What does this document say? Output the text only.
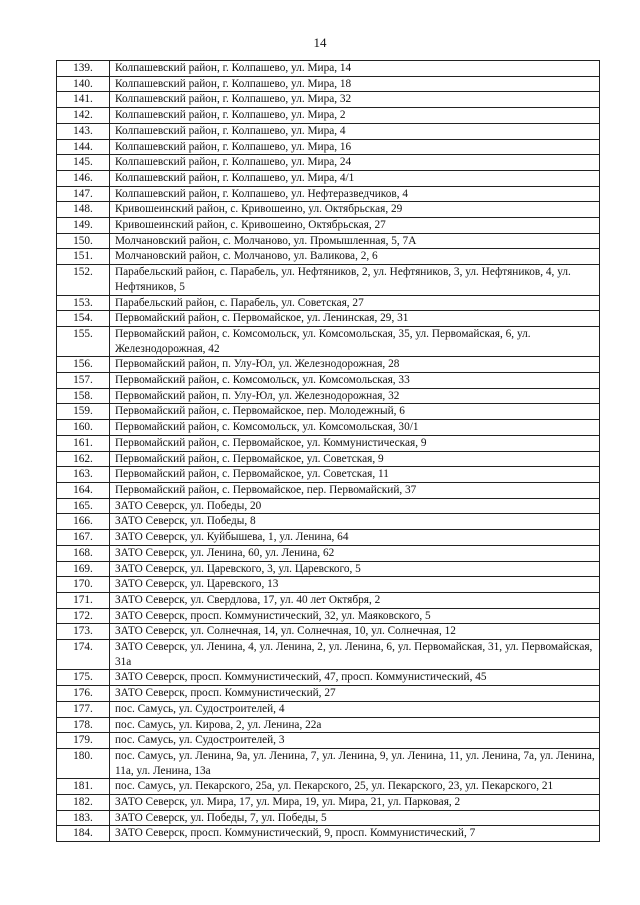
14
139.	Колпашевский район, г. Колпашево, ул. Мира, 14
140.	Колпашевский район, г. Колпашево, ул. Мира, 18
141.	Колпашевский район, г. Колпашево, ул. Мира, 32
142.	Колпашевский район, г. Колпашево, ул. Мира, 2
143.	Колпашевский район, г. Колпашево, ул. Мира, 4
144.	Колпашевский район, г. Колпашево, ул. Мира, 16
145.	Колпашевский район, г. Колпашево, ул. Мира, 24
146.	Колпашевский район, г. Колпашево, ул. Мира, 4/1
147.	Колпашевский район, г. Колпашево, ул. Нефтеразведчиков, 4
148.	Кривошеинский район, с. Кривошеино, ул. Октябрьская, 29
149.	Кривошеинский район, с. Кривошеино, Октябрьская, 27
150.	Молчановский район, с. Молчаново, ул. Промышленная, 5, 7А
151.	Молчановский район, с. Молчаново, ул. Валикова, 2, 6
152.	Парабельский район, с. Парабель, ул. Нефтяников, 2, ул. Нефтяников, 3, ул. Нефтяников, 4, ул. Нефтяников, 5
153.	Парабельский район, с. Парабель, ул. Советская, 27
154.	Первомайский район, с. Первомайское, ул. Ленинская, 29, 31
155.	Первомайский район, с. Комсомольск, ул. Комсомольская, 35, ул. Первомайская, 6, ул. Железнодорожная, 42
156.	Первомайский район, п. Улу-Юл, ул. Железнодорожная, 28
157.	Первомайский район, с. Комсомольск, ул. Комсомольская, 33
158.	Первомайский район, п. Улу-Юл, ул. Железнодорожная, 32
159.	Первомайский район, с. Первомайское, пер. Молодежный, 6
160.	Первомайский район, с. Комсомольск, ул. Комсомольская, 30/1
161.	Первомайский район, с. Первомайское, ул. Коммунистическая, 9
162.	Первомайский район, с. Первомайское, ул. Советская, 9
163.	Первомайский район, с. Первомайское, ул. Советская, 11
164.	Первомайский район, с. Первомайское, пер. Первомайский, 37
165.	ЗАТО Северск, ул. Победы, 20
166.	ЗАТО Северск, ул. Победы, 8
167.	ЗАТО Северск, ул. Куйбышева, 1, ул. Ленина, 64
168.	ЗАТО Северск, ул. Ленина, 60, ул. Ленина, 62
169.	ЗАТО Северск, ул. Царевского, 3, ул. Царевского, 5
170.	ЗАТО Северск, ул. Царевского, 13
171.	ЗАТО Северск, ул. Свердлова, 17, ул. 40 лет Октября, 2
172.	ЗАТО Северск, просп. Коммунистический, 32, ул. Маяковского, 5
173.	ЗАТО Северск, ул. Солнечная, 14, ул. Солнечная, 10, ул. Солнечная, 12
174.	ЗАТО Северск, ул. Ленина, 4, ул. Ленина, 2, ул. Ленина, 6, ул. Первомайская, 31, ул. Первомайская, 31а
175.	ЗАТО Северск, просп. Коммунистический, 47, просп. Коммунистический, 45
176.	ЗАТО Северск, просп. Коммунистический, 27
177.	пос. Самусь, ул. Судостроителей, 4
178.	пос. Самусь, ул. Кирова, 2, ул. Ленина, 22а
179.	пос. Самусь, ул. Судостроителей, 3
180.	пос. Самусь, ул. Ленина, 9а, ул. Ленина, 7, ул. Ленина, 9, ул. Ленина, 11, ул. Ленина, 7а, ул. Ленина, 11а, ул. Ленина, 13а
181.	пос. Самусь, ул. Пекарского, 25а, ул. Пекарского, 25, ул. Пекарского, 23, ул. Пекарского, 21
182.	ЗАТО Северск, ул. Мира, 17, ул. Мира, 19, ул. Мира, 21, ул. Парковая, 2
183.	ЗАТО Северск, ул. Победы, 7, ул. Победы, 5
184.	ЗАТО Северск, просп. Коммунистический, 9, просп. Коммунистический, 7
